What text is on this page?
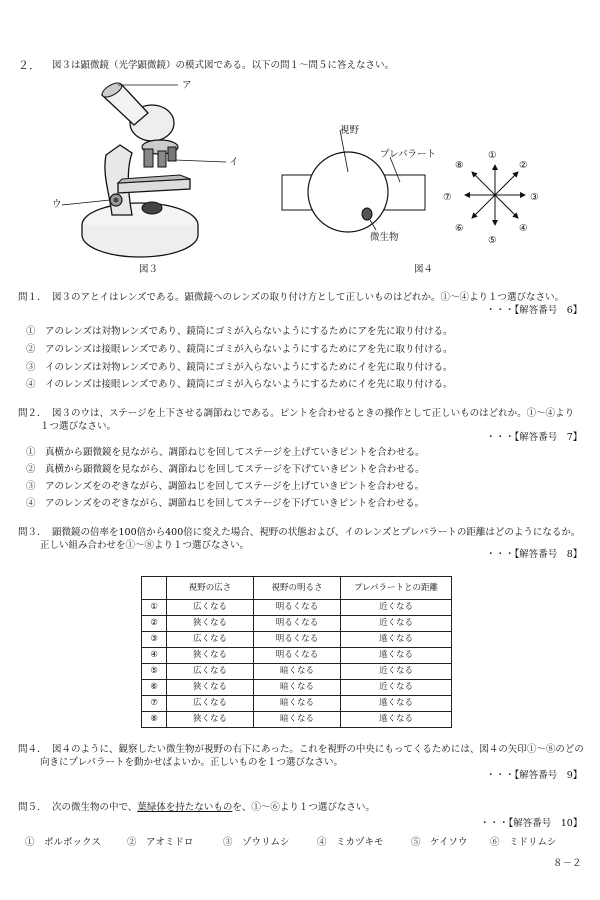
２． 図３は顕微鏡（光学顕微鏡）の模式図である。以下の問１～問５に答えなさい。
ア
イ
ウ
図３
視野
プレパラート
微生物
①
②
③
④
⑤
⑥
⑦
⑧
図４
問１． 図３のアとイはレンズである。顕微鏡へのレンズの取り付け方として正しいものはどれか。①～④より１つ選びなさい。
・・・【解答番号　6】
①　 アのレンズは対物レンズであり、鏡筒にゴミが入らないようにするためにアを先に取り付ける。
②　 アのレンズは接眼レンズであり、鏡筒にゴミが入らないようにするためにアを先に取り付ける。
③　 イのレンズは対物レンズであり、鏡筒にゴミが入らないようにするためにイを先に取り付ける。
④　 イのレンズは接眼レンズであり、鏡筒にゴミが入らないようにするためにイを先に取り付ける。
問２． 図３のウは、ステージを上下させる調節ねじである。ピントを合わせるときの操作として正しいものはどれか。①～④より
１つ選びなさい。
・・・【解答番号　7】
①　 真横から顕微鏡を見ながら、調節ねじを回してステージを上げていきピントを合わせる。
②　 真横から顕微鏡を見ながら、調節ねじを回してステージを下げていきピントを合わせる。
③　 アのレンズをのぞきながら、調節ねじを回してステージを上げていきピントを合わせる。
④　 アのレンズをのぞきながら、調節ねじを回してステージを下げていきピントを合わせる。
問３． 顕微鏡の倍率を100倍から400倍に変えた場合、視野の状態および、イのレンズとプレパラートの距離はどのようになるか。
正しい組み合わせを①～⑧より１つ選びなさい。
・・・【解答番号　8】
	視野の広さ	視野の明るさ	プレパラートとの距離
①	広くなる	明るくなる	近くなる
②	狭くなる	明るくなる	近くなる
③	広くなる	明るくなる	遠くなる
④	狭くなる	明るくなる	遠くなる
⑤	広くなる	暗くなる	近くなる
⑥	狭くなる	暗くなる	近くなる
⑦	広くなる	暗くなる	遠くなる
⑧	狭くなる	暗くなる	遠くなる
問４． 図４のように、観察したい微生物が視野の右下にあった。これを視野の中央にもってくるためには、図４の矢印①～⑧のどの
向きにプレパラートを動かせばよいか。正しいものを１つ選びなさい。
・・・【解答番号　9】
問５． 次の微生物の中で、葉緑体を持たないものを、①～⑥より１つ選びなさい。
・・・【解答番号　10】
①　 ボルボックス	②　 アオミドロ	③　 ゾウリムシ	④　 ミカヅキモ	⑤　 ケイソウ ⑥　 ミドリムシ
８－２
